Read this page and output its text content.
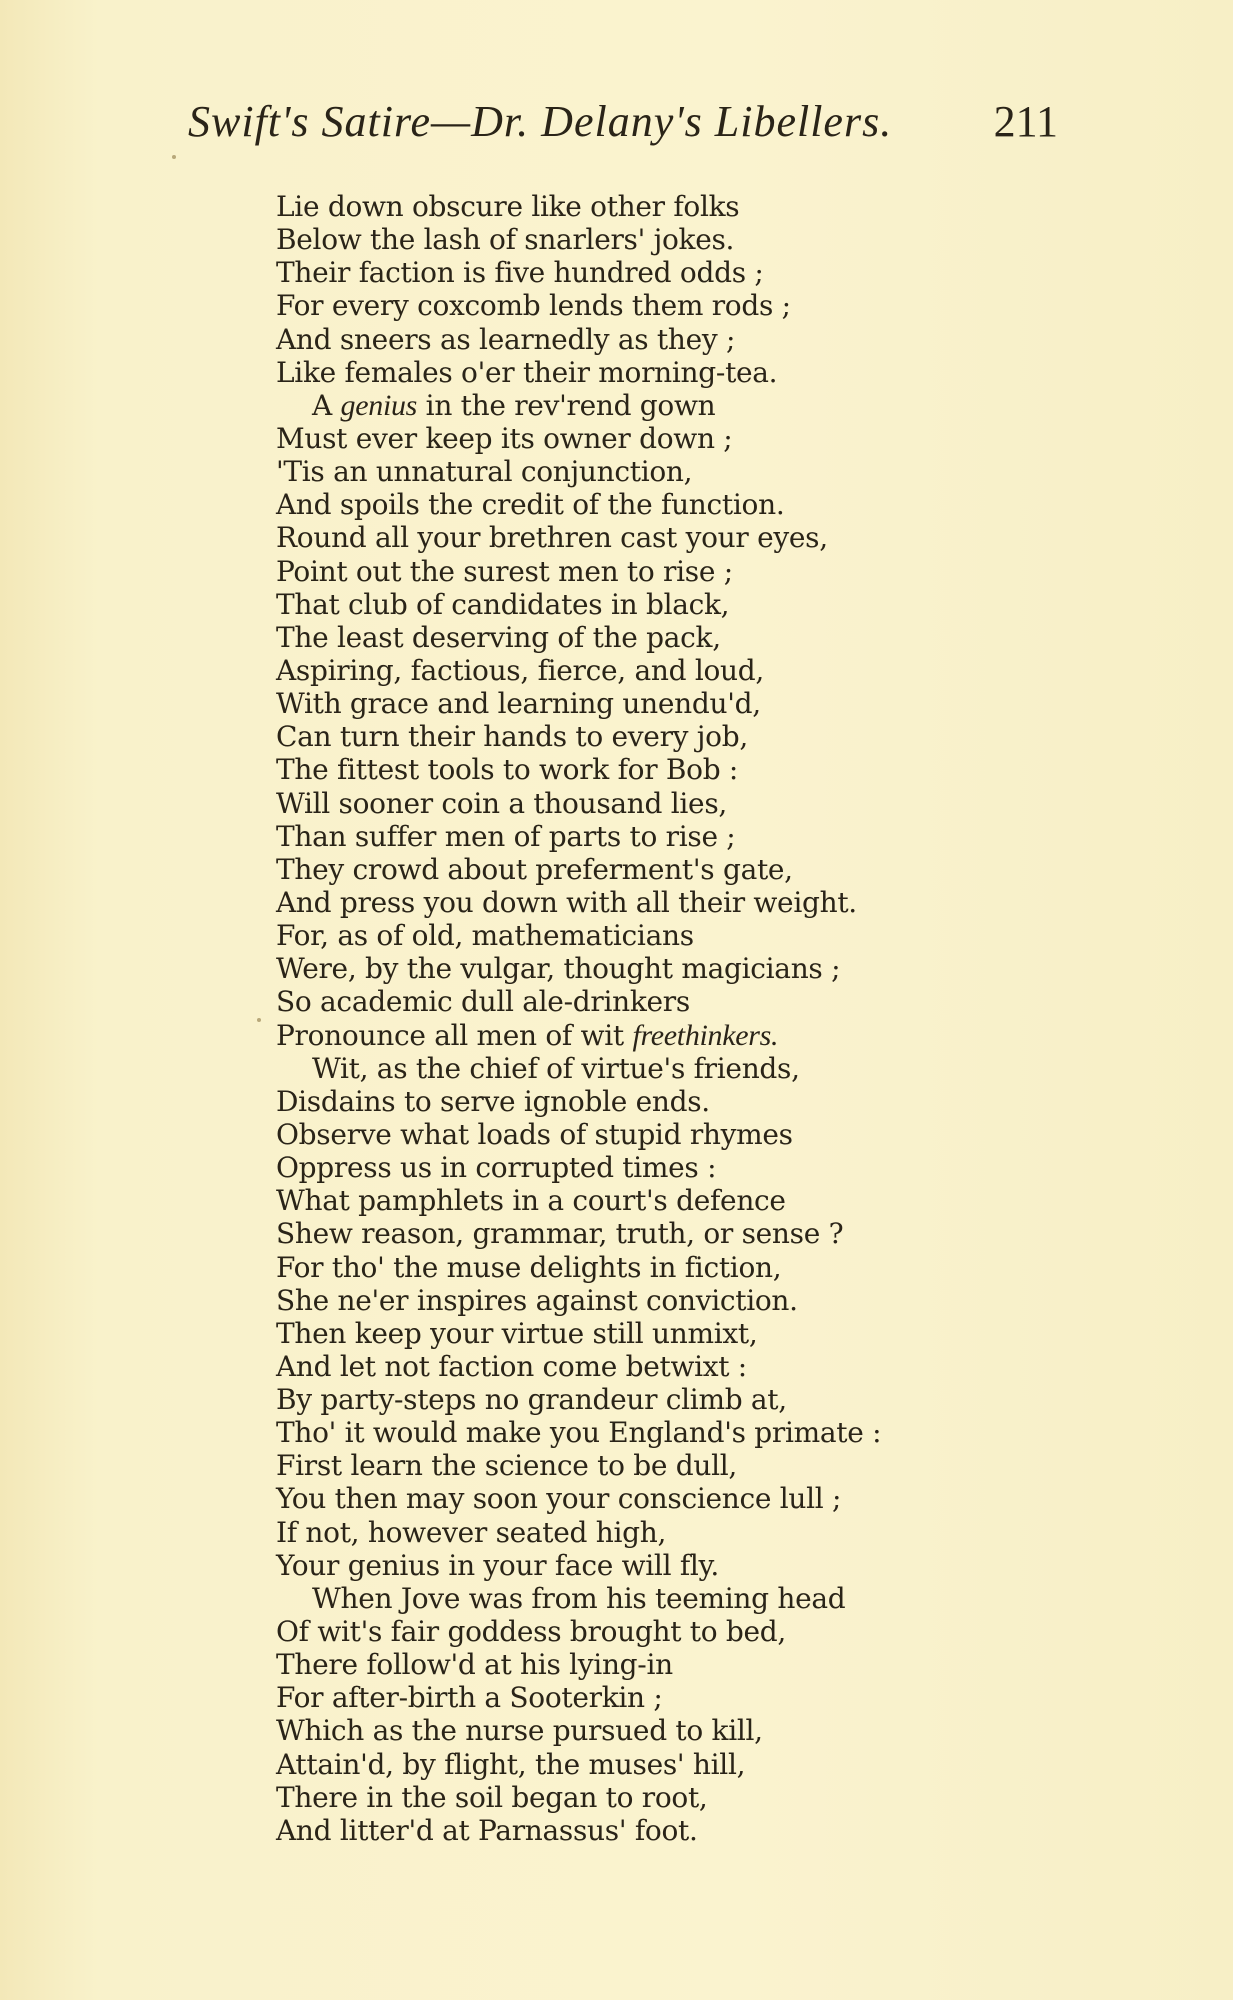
Swift's Satire—Dr. Delany's Libellers. 211
Lie down obscure like other folks
Below the lash of snarlers' jokes.
Their faction is five hundred odds ;
For every coxcomb lends them rods ;
And sneers as learnedly as they ;
Like females o'er their morning-tea.
A genius in the rev'rend gown
Must ever keep its owner down ;
'Tis an unnatural conjunction,
And spoils the credit of the function.
Round all your brethren cast your eyes,
Point out the surest men to rise ;
That club of candidates in black,
The least deserving of the pack,
Aspiring, factious, fierce, and loud,
With grace and learning unendu'd,
Can turn their hands to every job,
The fittest tools to work for Bob :
Will sooner coin a thousand lies,
Than suffer men of parts to rise ;
They crowd about preferment's gate,
And press you down with all their weight.
For, as of old, mathematicians
Were, by the vulgar, thought magicians ;
So academic dull ale-drinkers
Pronounce all men of wit freethinkers.
Wit, as the chief of virtue's friends,
Disdains to serve ignoble ends.
Observe what loads of stupid rhymes
Oppress us in corrupted times :
What pamphlets in a court's defence
Shew reason, grammar, truth, or sense ?
For tho' the muse delights in fiction,
She ne'er inspires against conviction.
Then keep your virtue still unmixt,
And let not faction come betwixt :
By party-steps no grandeur climb at,
Tho' it would make you England's primate :
First learn the science to be dull,
You then may soon your conscience lull ;
If not, however seated high,
Your genius in your face will fly.
When Jove was from his teeming head
Of wit's fair goddess brought to bed,
There follow'd at his lying-in
For after-birth a Sooterkin ;
Which as the nurse pursued to kill,
Attain'd, by flight, the muses' hill,
There in the soil began to root,
And litter'd at Parnassus' foot.
